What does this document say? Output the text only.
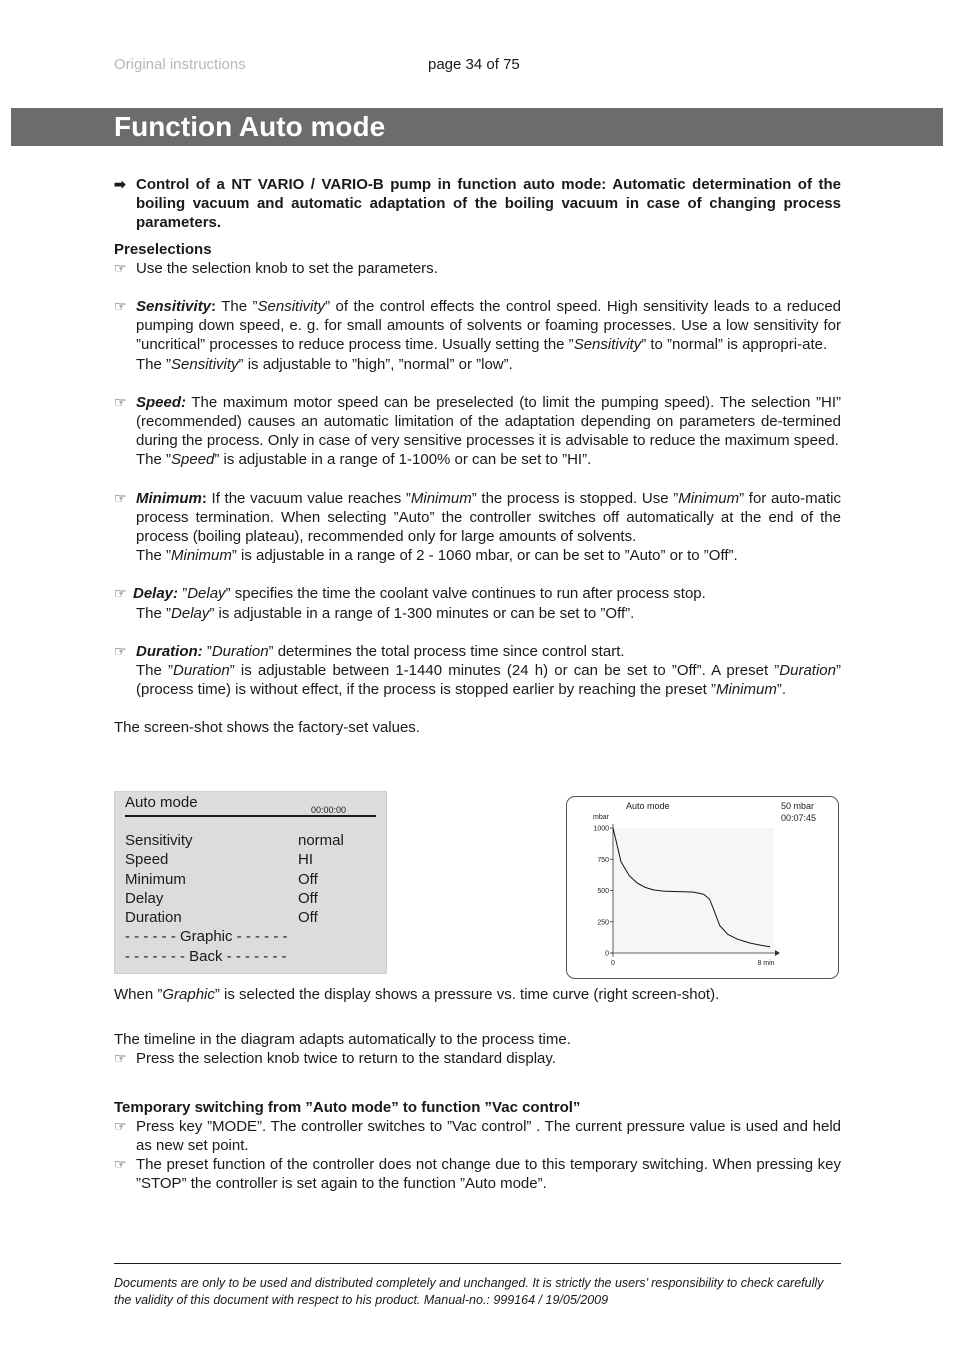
Original instructions	page 34 of 75
Function Auto mode
➡ Control of a NT VARIO / VARIO-B pump in function auto mode: Automatic determination of the boiling vacuum and automatic adaptation of the boiling vacuum in case of changing process parameters.
Preselections
☞ Use the selection knob to set the parameters.
☞ Sensitivity: The ”Sensitivity” of the control effects the control speed. High sensitivity leads to a reduced pumping down speed, e. g. for small amounts of solvents or foaming processes. Use a low sensitivity for ”uncritical” processes to reduce process time. Usually setting the ”Sensitivity” to ”normal” is appropri-ate.

The ”Sensitivity” is adjustable to ”high”, ”normal” or ”low”.

☞ Speed: The maximum motor speed can be preselected (to limit the pumping speed). The selection ”HI” (recommended) causes an automatic limitation of the adaptation depending on parameters de-termined during the process. Only in case of very sensitive processes it is advisable to reduce the maximum speed.

The ”Speed” is adjustable in a range of 1-100% or can be set to ”HI”.

☞ Minimum: If the vacuum value reaches ”Minimum” the process is stopped. Use ”Minimum” for auto-matic process termination. When selecting ”Auto” the controller switches off automatically at the end of the process (boiling plateau), recommended only for large amounts of solvents.

The ”Minimum” is adjustable in a range of 2 - 1060 mbar, or can be set to ”Auto” or to ”Off”.

☞ Delay: ”Delay” specifies the time the coolant valve continues to run after process stop.

The ”Delay” is adjustable in a range of 1-300 minutes or can be set to ”Off”.

☞ Duration: ”Duration” determines the total process time since control start.

The ”Duration” is adjustable between 1-1440 minutes (24 h) or can be set to ”Off”. A preset ”Duration” (process time) is without effect, if the process is stopped earlier by reaching the preset ”Minimum”.

The screen-shot shows the factory-set values.
Auto mode	00:00:00
Sensitivity	normal
Speed	HI
Minimum	Off
Delay	Off
Duration	Off
- - - - - - Graphic - - - - - -
- - - - - - - Back - - - - - - -
Auto mode	50 mbar
00:07:45
mbar
1000
750
500
250
0
0	8 min
When ”Graphic” is selected the display shows a pressure vs. time curve (right screen-shot).
The timeline in the diagram adapts automatically to the process time.
☞ Press the selection knob twice to return to the standard display.
Temporary switching from ”Auto mode” to function ”Vac control”
☞ Press key ”MODE”. The controller switches to ”Vac control” . The current pressure value is used and held as new set point.
☞ The preset function of the controller does not change due to this temporary switching. When pressing key ”STOP” the controller is set again to the function ”Auto mode”.
Documents are only to be used and distributed completely and unchanged. It is strictly the users’ responsibility to check carefully the validity of this document with respect to his product. Manual-no.: 999164 / 19/05/2009
